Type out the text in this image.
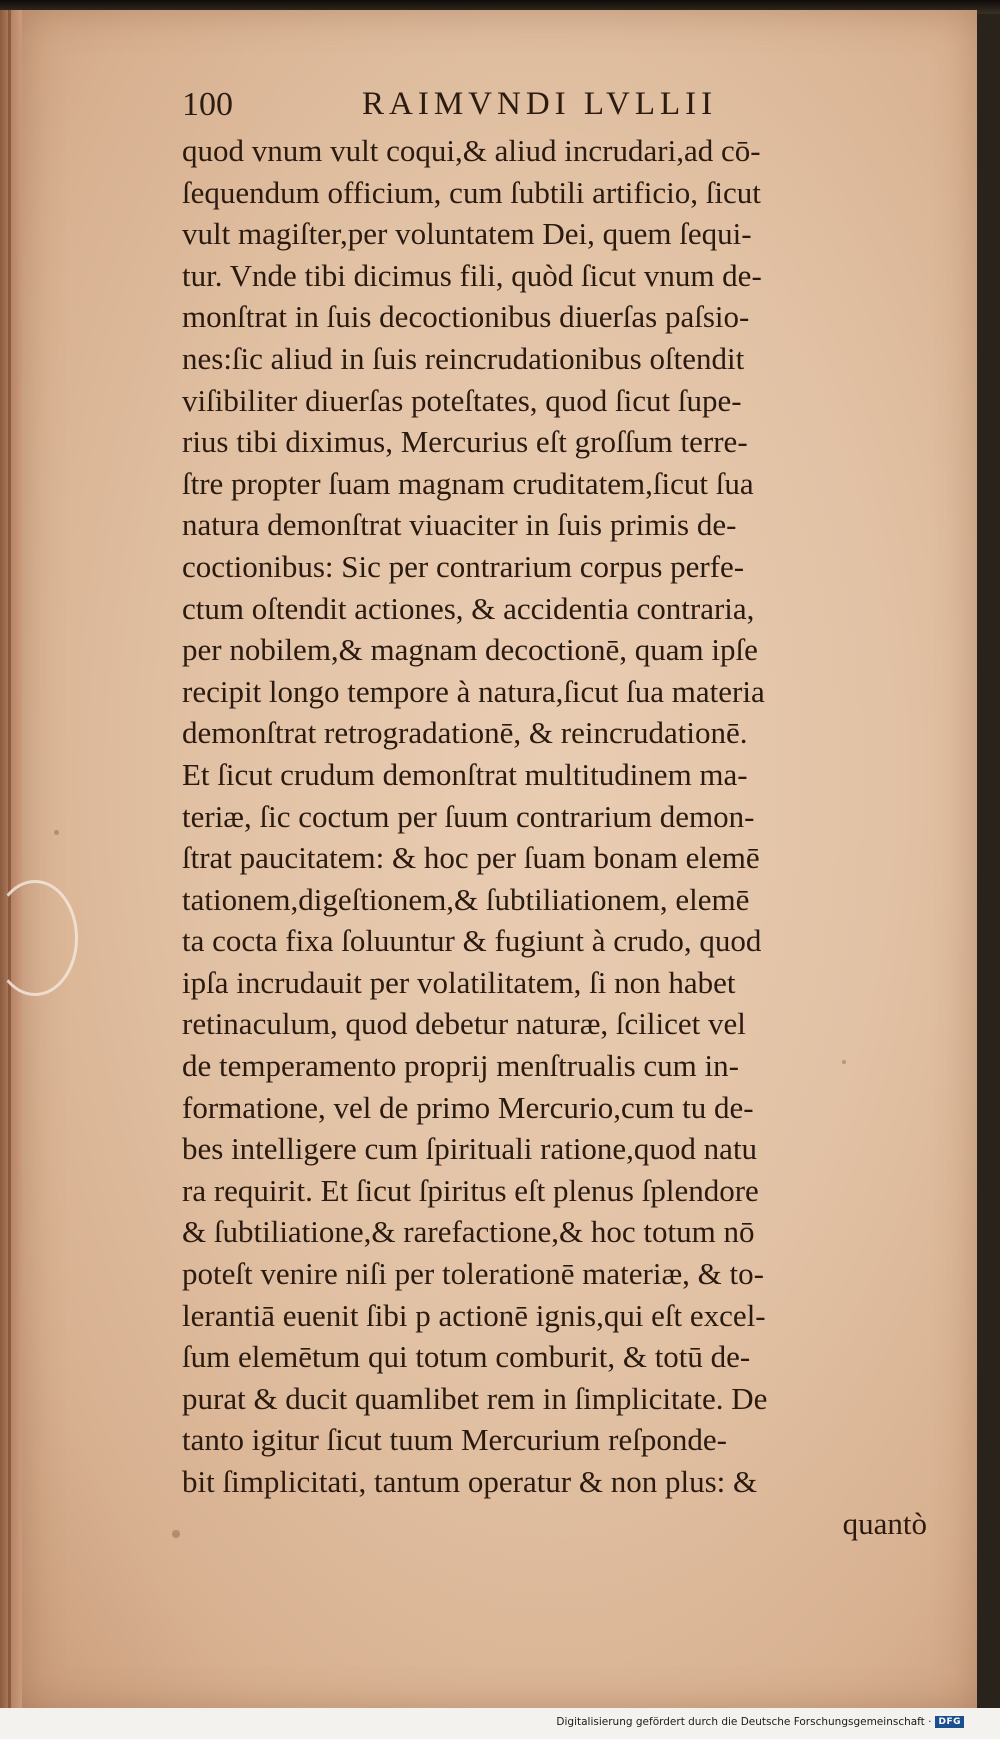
100	RAIMVNDI LVLLII
quod vnum vult coqui,& aliud incrudari,ad cō-
ſequendum officium, cum ſubtili artificio, ſicut
vult magiſter,per voluntatem Dei, quem ſequi-
tur. Vnde tibi dicimus fili, quòd ſicut vnum de-
monſtrat in ſuis decoctionibus diuerſas paſsio-
nes:ſic aliud in ſuis reincrudationibus oſtendit
viſibiliter diuerſas poteſtates, quod ſicut ſupe-
rius tibi diximus, Mercurius eſt groſſum terre-
ſtre propter ſuam magnam cruditatem,ſicut ſua
natura demonſtrat viuaciter in ſuis primis de-
coctionibus: Sic per contrarium corpus perfe-
ctum oſtendit actiones, & accidentia contraria,
per nobilem,& magnam decoctionē, quam ipſe
recipit longo tempore à natura,ſicut ſua materia
demonſtrat retrogradationē, & reincrudationē.
Et ſicut crudum demonſtrat multitudinem ma-
teriæ, ſic coctum per ſuum contrarium demon-
ſtrat paucitatem: & hoc per ſuam bonam elemē
tationem,digeſtionem,& ſubtiliationem, elemē
ta cocta fixa ſoluuntur & fugiunt à crudo, quod
ipſa incrudauit per volatilitatem, ſi non habet
retinaculum, quod debetur naturæ, ſcilicet vel
de temperamento proprij menſtrualis cum in-
formatione, vel de primo Mercurio,cum tu de-
bes intelligere cum ſpirituali ratione,quod natu
ra requirit. Et ſicut ſpiritus eſt plenus ſplendore
& ſubtiliatione,& rarefactione,& hoc totum nō
poteſt venire niſi per tolerationē materiæ, & to-
lerantiā euenit ſibi p actionē ignis,qui eſt excel-
ſum elemētum qui totum comburit, & totū de-
purat & ducit quamlibet rem in ſimplicitate. De
tanto igitur ſicut tuum Mercurium reſponde-
bit ſimplicitati, tantum operatur & non plus: &
quantò
Digitalisierung gefördert durch die Deutsche Forschungsgemeinschaft · DFG
